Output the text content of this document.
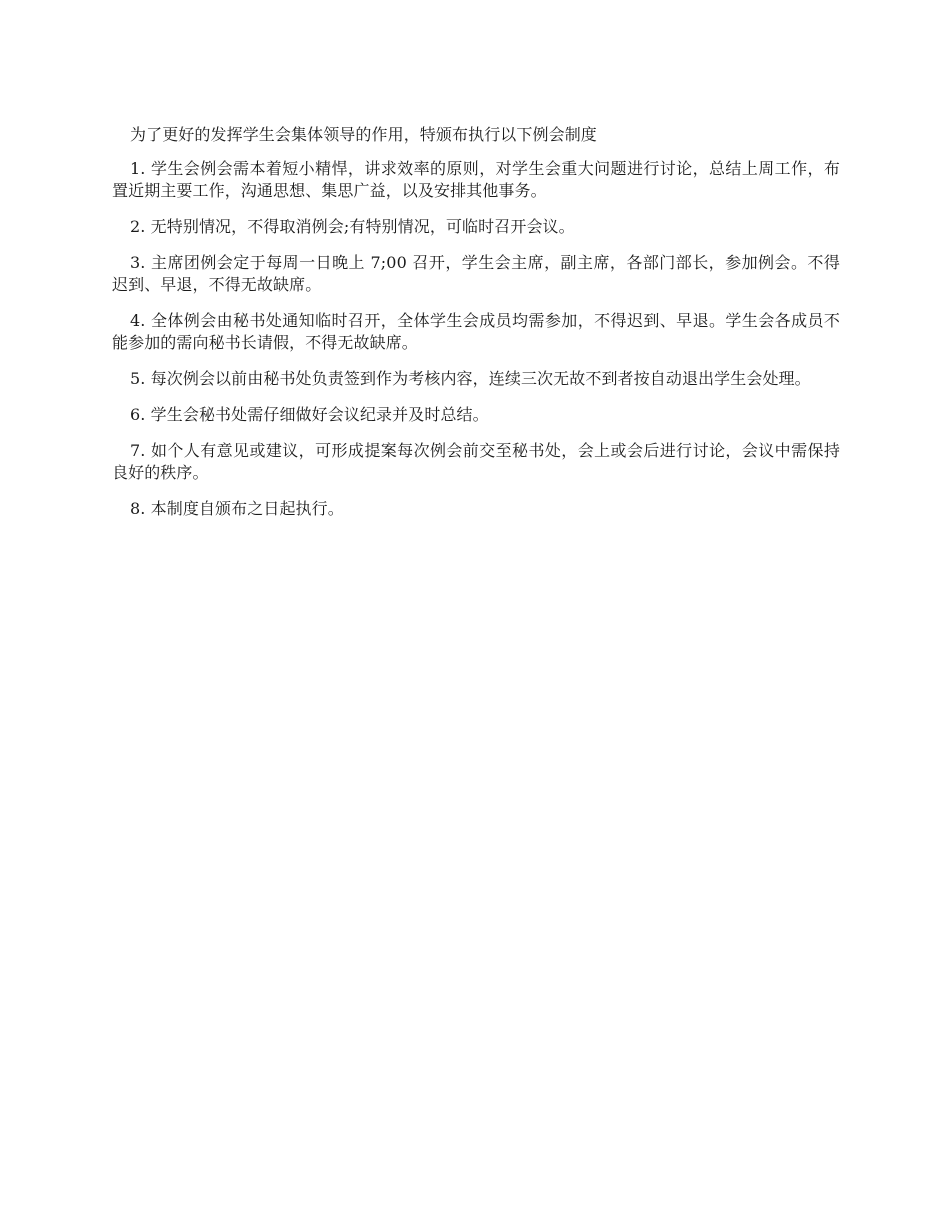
为了更好的发挥学生会集体领导的作用，特颁布执行以下例会制度

1. 学生会例会需本着短小精悍，讲求效率的原则，对学生会重大问题进行讨论，总结上周工作，布置近期主要工作，沟通思想、集思广益，以及安排其他事务。

2. 无特别情况，不得取消例会;有特别情况，可临时召开会议。

3. 主席团例会定于每周一日晚上 7;00 召开，学生会主席，副主席，各部门部长，参加例会。不得迟到、早退，不得无故缺席。

4. 全体例会由秘书处通知临时召开，全体学生会成员均需参加，不得迟到、早退。学生会各成员不能参加的需向秘书长请假，不得无故缺席。

5. 每次例会以前由秘书处负责签到作为考核内容，连续三次无故不到者按自动退出学生会处理。

6. 学生会秘书处需仔细做好会议纪录并及时总结。

7. 如个人有意见或建议，可形成提案每次例会前交至秘书处，会上或会后进行讨论，会议中需保持良好的秩序。

8. 本制度自颁布之日起执行。
